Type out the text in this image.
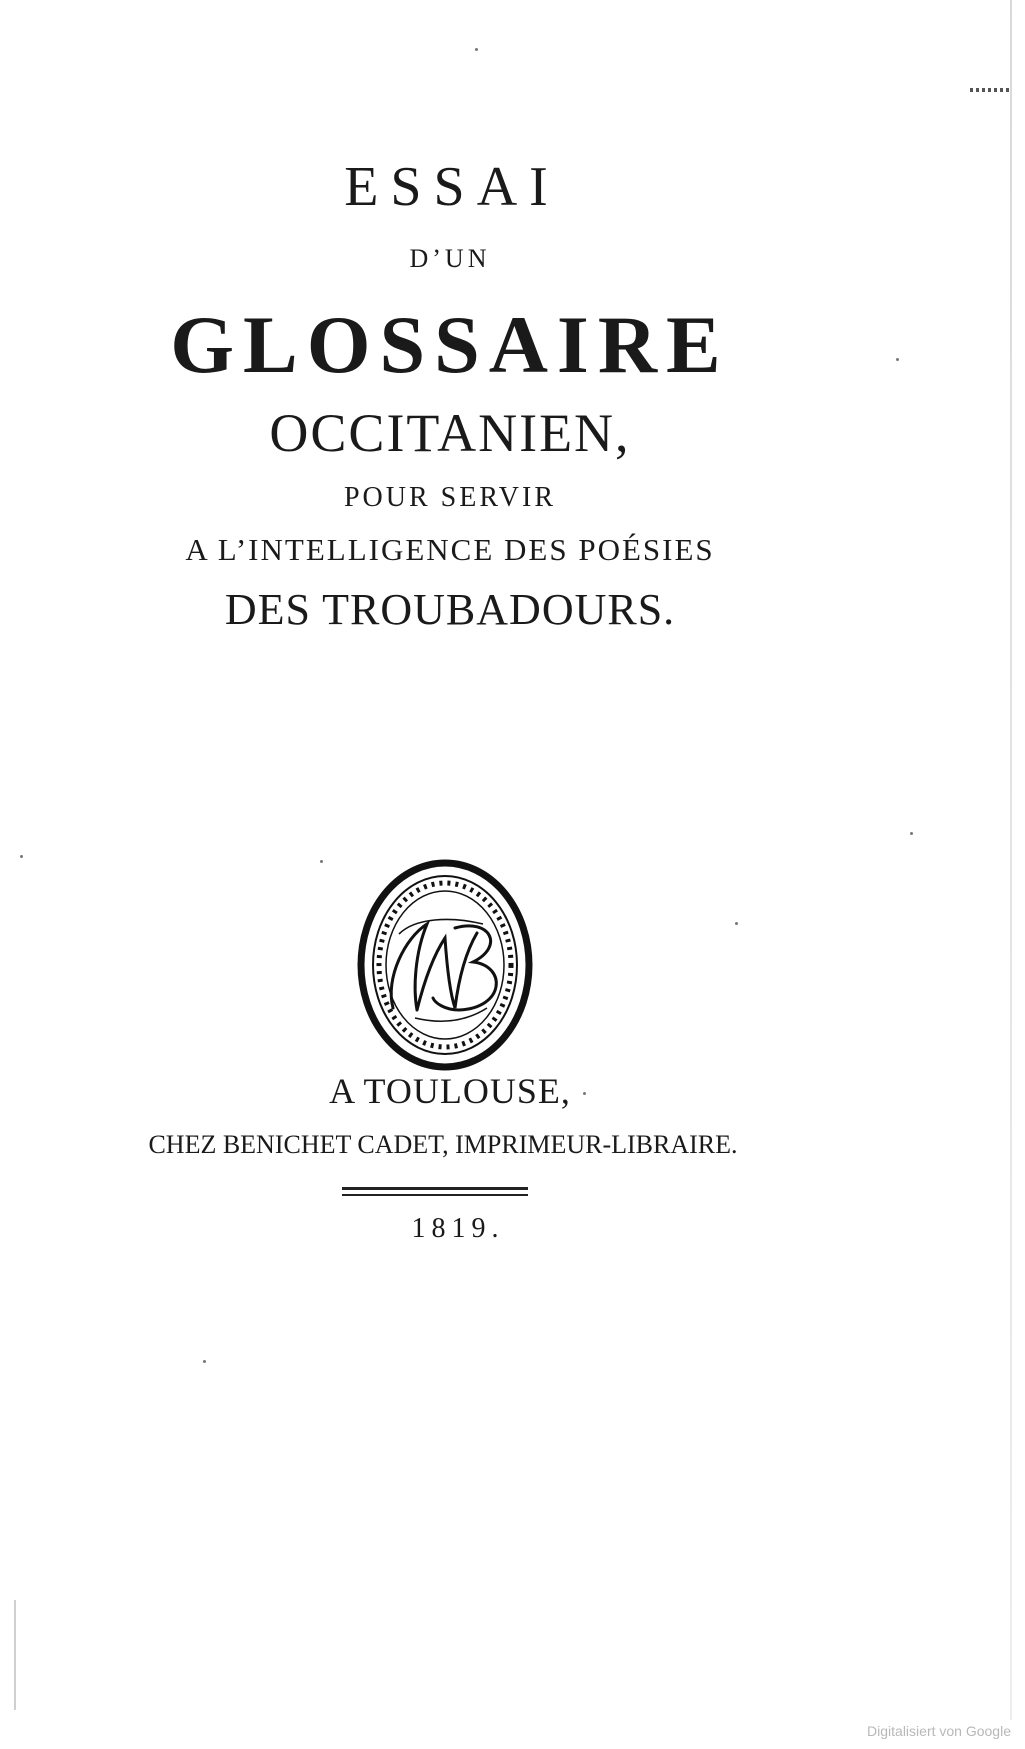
ESSAI
D’UN
GLOSSAIRE
OCCITANIEN,
POUR SERVIR
A L’INTELLIGENCE DES POÉSIES
DES TROUBADOURS.
A TOULOUSE,
CHEZ BENICHET CADET, IMPRIMEUR-LIBRAIRE.
1819.
Digitalisiert von Google
